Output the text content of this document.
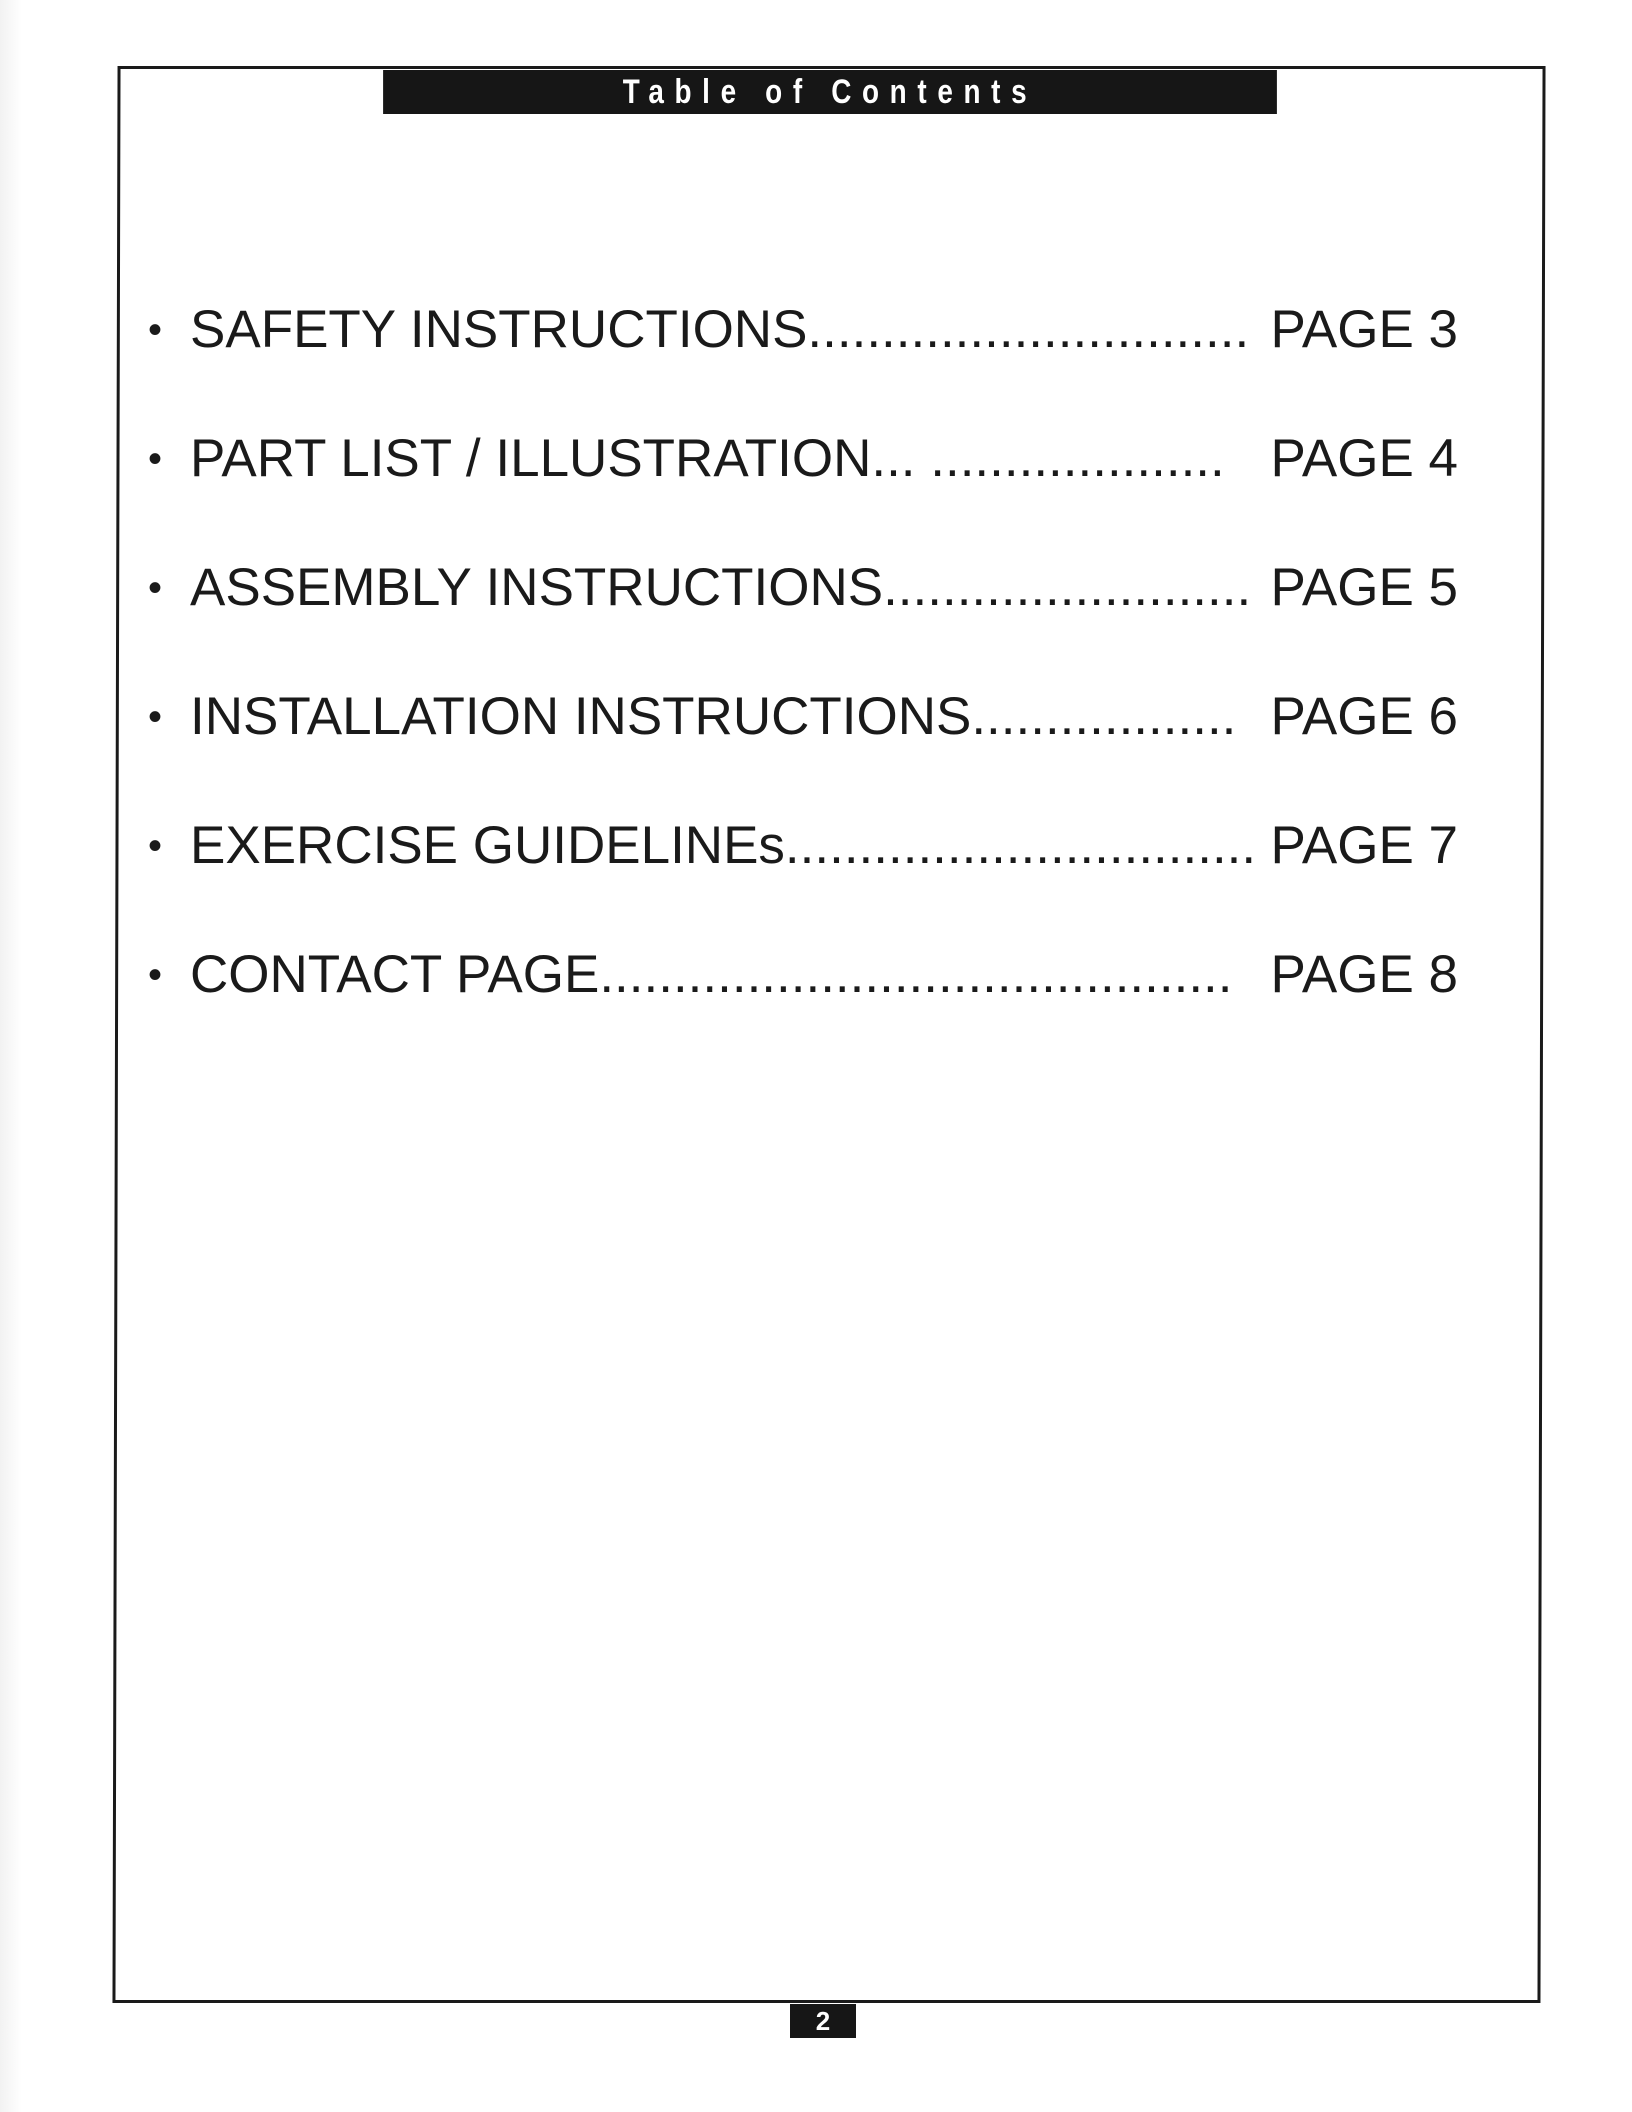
Table of Contents
• SAFETY INSTRUCTIONS.............................. PAGE 3
• PART LIST / ILLUSTRATION... .................... PAGE 4
• ASSEMBLY INSTRUCTIONS......................... PAGE 5
• INSTALLATION INSTRUCTIONS.................. PAGE 6
• EXERCISE GUIDELINEs................................ PAGE 7
• CONTACT PAGE........................................... PAGE 8
2
